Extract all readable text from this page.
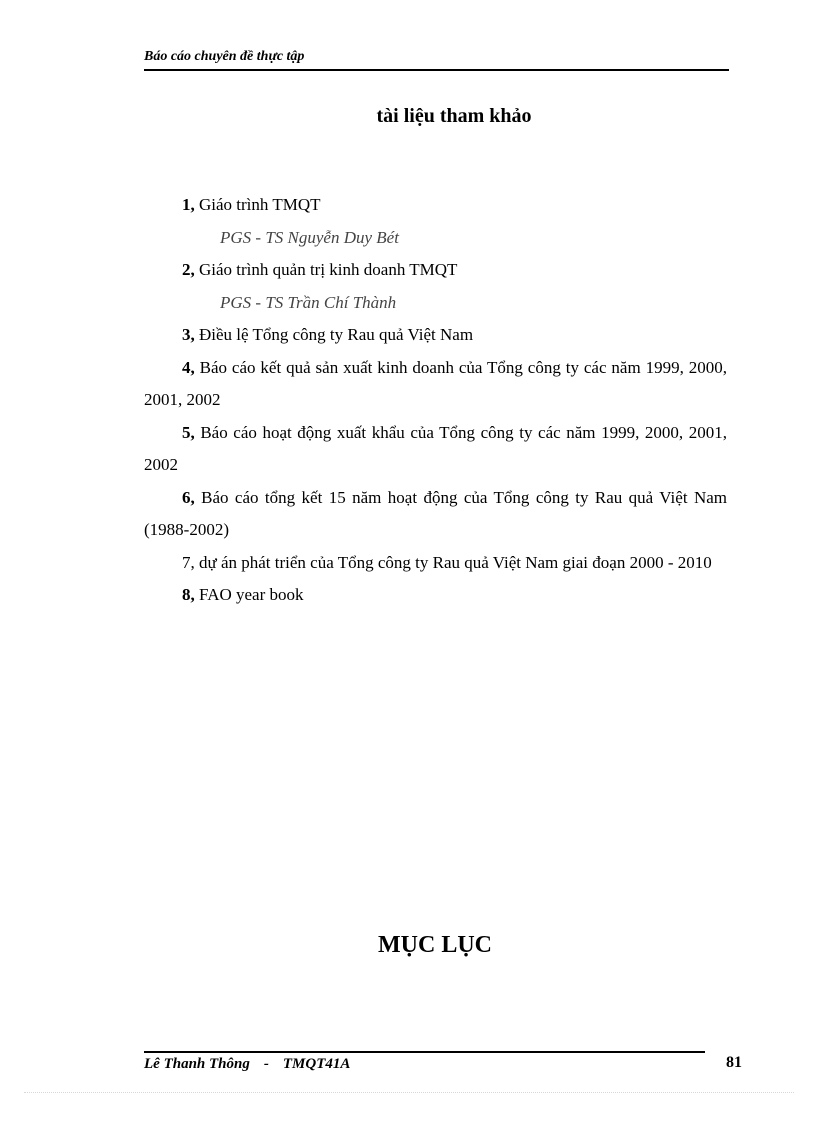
Báo cáo chuyên đề thực tập
tài liệu tham khảo

1, Giáo trình TMQT

PGS - TS Nguyễn Duy Bét

2, Giáo trình quản trị kinh doanh TMQT

PGS - TS Trần Chí Thành

3, Điều lệ Tổng công ty Rau quả Việt Nam

4, Báo cáo kết quả sản xuất kinh doanh của Tổng công ty các năm 1999, 2000, 2001, 2002

5, Báo cáo hoạt động xuất khẩu của Tổng công ty các năm 1999, 2000, 2001, 2002

6, Báo cáo tổng kết 15 năm hoạt động của Tổng công ty Rau quả Việt Nam (1988-2002)

7, dự án phát triển của Tổng công ty Rau quả Việt Nam giai đoạn 2000 - 2010

8, FAO year book

MỤC LỤC
Lê Thanh Thông - TMQT41A	81
